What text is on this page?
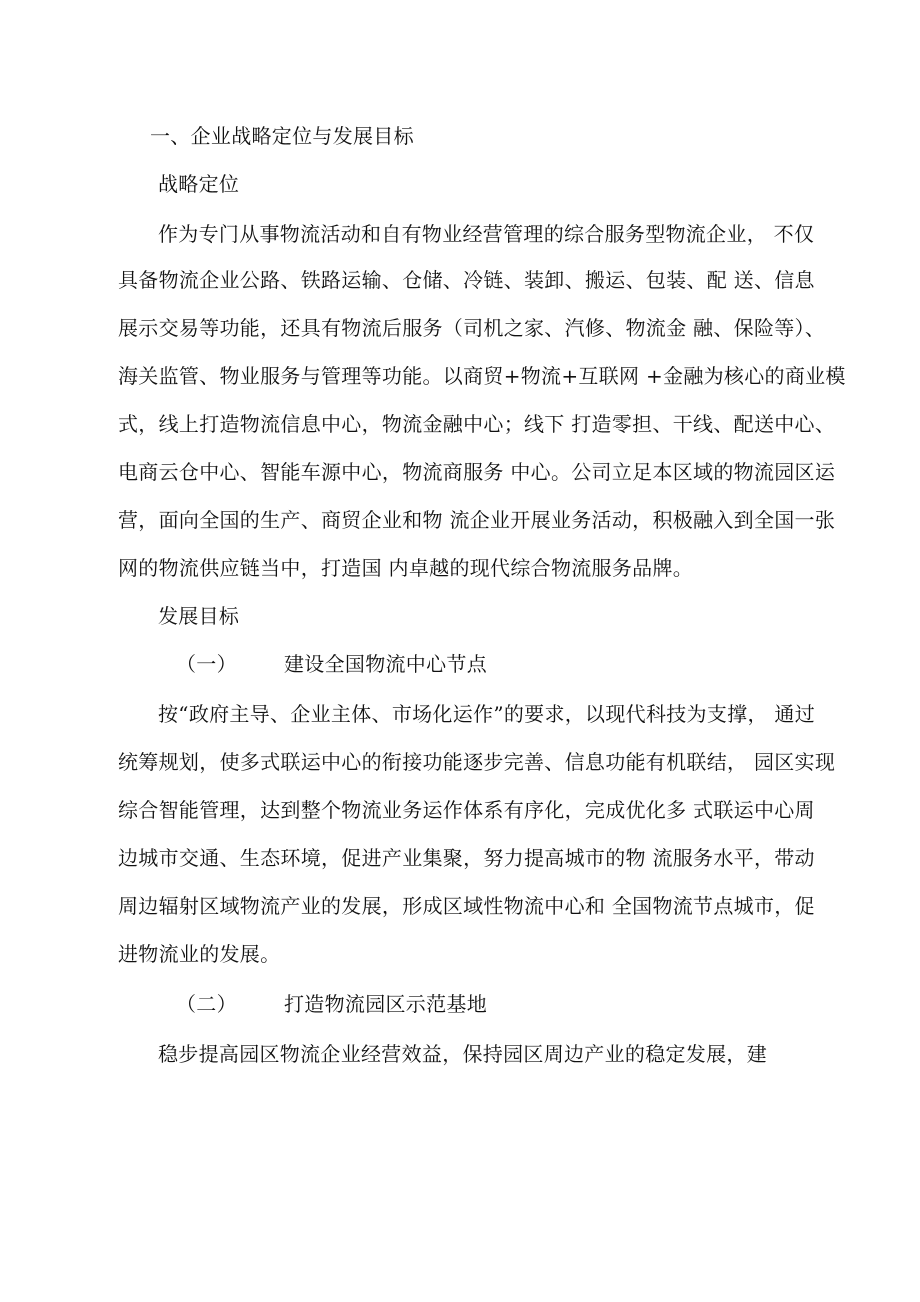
一、企业战略定位与发展目标
战略定位
作为专门从事物流活动和自有物业经营管理的综合服务型物流企业， 不仅
具备物流企业公路、铁路运输、仓储、冷链、装卸、搬运、包装、配 送、信息
展示交易等功能，还具有物流后服务（司机之家、汽修、物流金 融、保险等）、
海关监管、物业服务与管理等功能。以商贸+物流+互联网 +金融为核心的商业模
式，线上打造物流信息中心，物流金融中心；线下 打造零担、干线、配送中心、
电商云仓中心、智能车源中心，物流商服务 中心。公司立足本区域的物流园区运
营，面向全国的生产、商贸企业和物 流企业开展业务活动，积极融入到全国一张
网的物流供应链当中，打造国 内卓越的现代综合物流服务品牌。
发展目标
（一） 建设全国物流中心节点
按“政府主导、企业主体、市场化运作”的要求，以现代科技为支撑， 通过
统筹规划，使多式联运中心的衔接功能逐步完善、信息功能有机联结， 园区实现
综合智能管理，达到整个物流业务运作体系有序化，完成优化多 式联运中心周
边城市交通、生态环境，促进产业集聚，努力提高城市的物 流服务水平，带动
周边辐射区域物流产业的发展，形成区域性物流中心和 全国物流节点城市，促
进物流业的发展。
（二） 打造物流园区示范基地
稳步提高园区物流企业经营效益，保持园区周边产业的稳定发展，建
